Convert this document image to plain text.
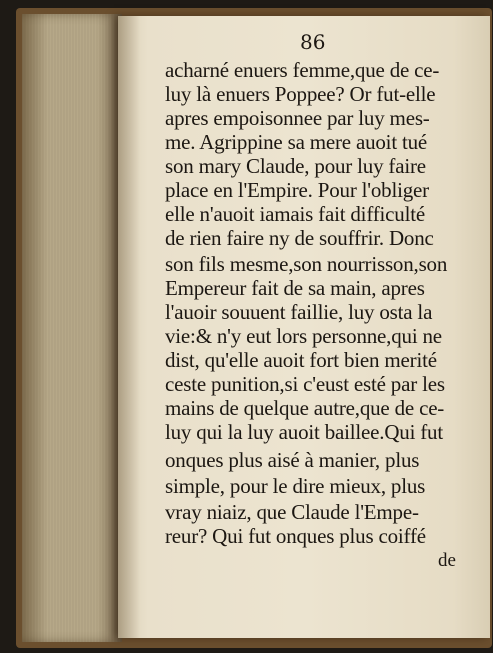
86
acharné enuers femme,que de ce-
luy là enuers Poppee? Or fut-elle
apres empoisonnee par luy mes-
me. Agrippine sa mere auoit tué
son mary Claude, pour luy faire
place en l'Empire. Pour l'obliger
elle n'auoit iamais fait difficulté
de rien faire ny de souffrir. Donc
son fils mesme,son nourrisson,son
Empereur fait de sa main, apres
l'auoir souuent faillie, luy osta la
vie:& n'y eut lors personne,qui ne
dist, qu'elle auoit fort bien merité
ceste punition,si c'eust esté par les
mains de quelque autre,que de ce-
luy qui la luy auoit baillee.Qui fut
onques plus aisé à manier, plus
simple, pour le dire mieux, plus
vray niaiz, que Claude l'Empe-
reur? Qui fut onques plus coiffé
de
